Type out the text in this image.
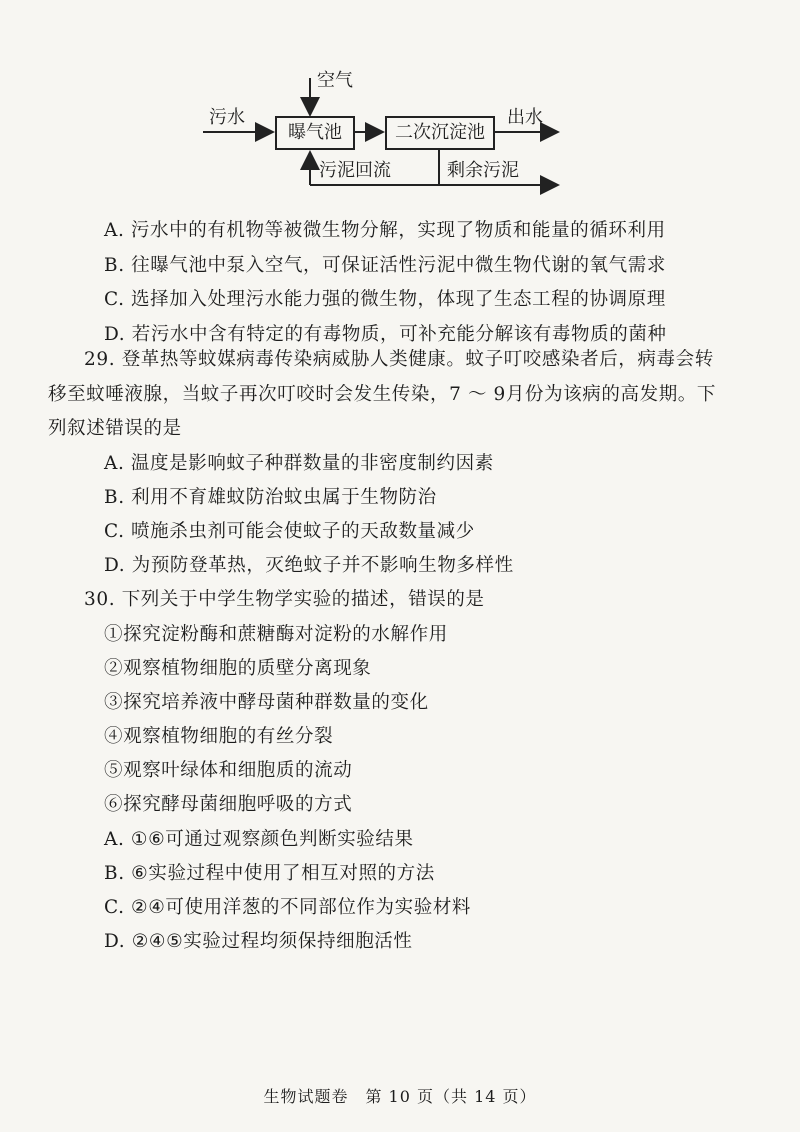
污水
空气
曝气池	二次沉淀池
出水
污泥回流	剩余污泥
A. 污水中的有机物等被微生物分解，实现了物质和能量的循环利用
B. 往曝气池中泵入空气，可保证活性污泥中微生物代谢的氧气需求
C. 选择加入处理污水能力强的微生物，体现了生态工程的协调原理
D. 若污水中含有特定的有毒物质，可补充能分解该有毒物质的菌种
29. 登革热等蚊媒病毒传染病威胁人类健康。蚊子叮咬感染者后，病毒会转
移至蚊唾液腺，当蚊子再次叮咬时会发生传染，7 ～ 9月份为该病的高发期。下
列叙述错误的是
A. 温度是影响蚊子种群数量的非密度制约因素
B. 利用不育雄蚊防治蚊虫属于生物防治
C. 喷施杀虫剂可能会使蚊子的天敌数量减少
D. 为预防登革热，灭绝蚊子并不影响生物多样性
30. 下列关于中学生物学实验的描述，错误的是
①探究淀粉酶和蔗糖酶对淀粉的水解作用
②观察植物细胞的质壁分离现象
③探究培养液中酵母菌种群数量的变化
④观察植物细胞的有丝分裂
⑤观察叶绿体和细胞质的流动
⑥探究酵母菌细胞呼吸的方式
A. ①⑥可通过观察颜色判断实验结果
B. ⑥实验过程中使用了相互对照的方法
C. ②④可使用洋葱的不同部位作为实验材料
D. ②④⑤实验过程均须保持细胞活性
生物试题卷　第 10 页（共 14 页）
